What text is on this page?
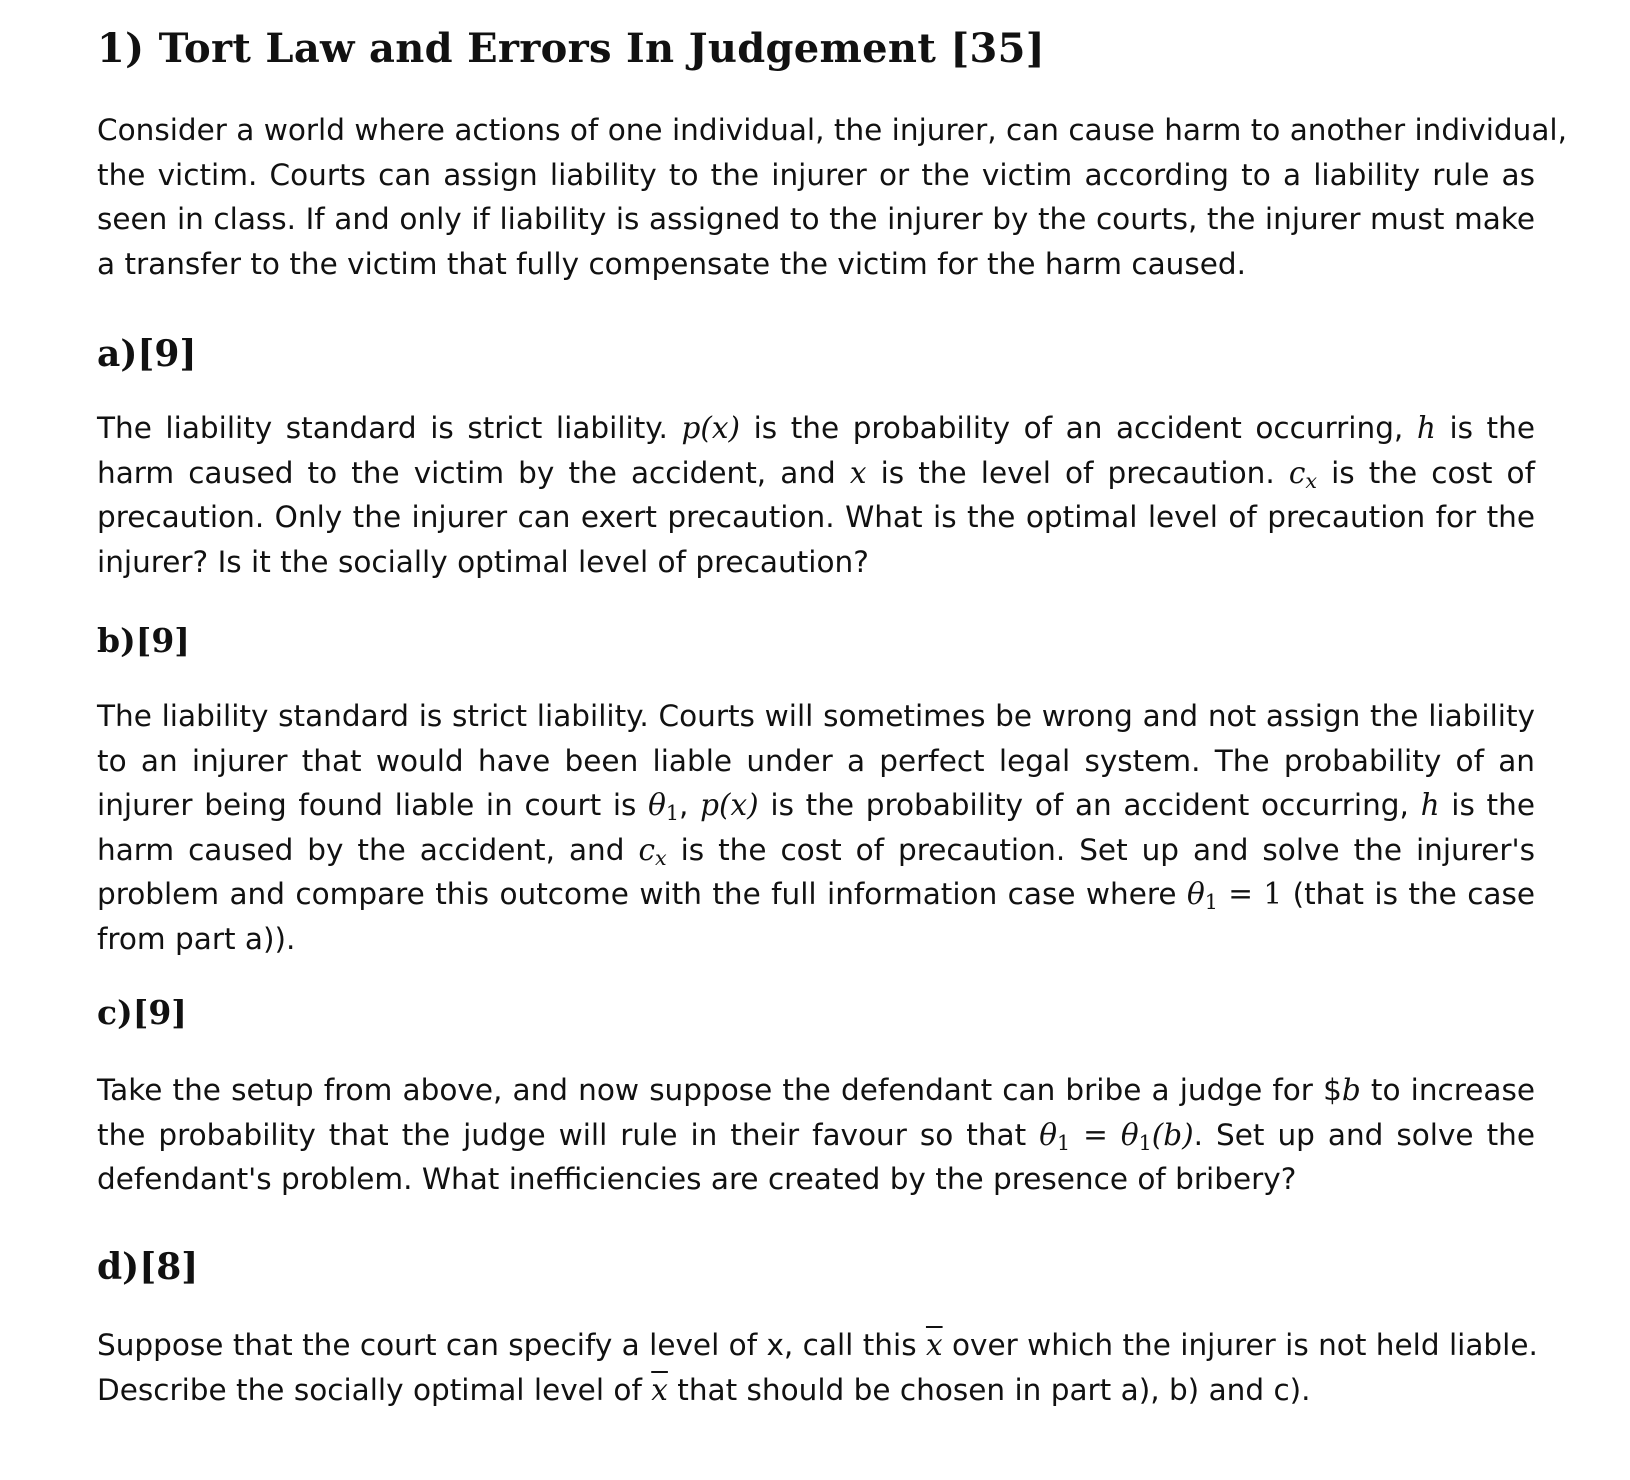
1) Tort Law and Errors In Judgement [35]

Consider a world where actions of one individual, the injurer, can cause harm to another individual,
the victim. Courts can assign liability to the injurer or the victim according to a liability rule as
seen in class. If and only if liability is assigned to the injurer by the courts, the injurer must make
a transfer to the victim that fully compensate the victim for the harm caused.

a)[9]

The liability standard is strict liability. p(x) is the probability of an accident occurring, h is the
harm caused to the victim by the accident, and x is the level of precaution. $c_x$ is the cost of
precaution. Only the injurer can exert precaution. What is the optimal level of precaution for the
injurer? Is it the socially optimal level of precaution?

b)[9]

The liability standard is strict liability. Courts will sometimes be wrong and not assign the liability
to an injurer that would have been liable under a perfect legal system. The probability of an
injurer being found liable in court is $\theta_1$, p(x) is the probability of an accident occurring, h is the
harm caused by the accident, and $c_x$ is the cost of precaution. Set up and solve the injurer's
problem and compare this outcome with the full information case where $\theta_1 = 1$ (that is the case
from part a)).

c)[9]

Take the setup from above, and now suppose the defendant can bribe a judge for $b to increase
the probability that the judge will rule in their favour so that $\theta_1 = \theta_1(b)$. Set up and solve the
defendant's problem. What inefficiencies are created by the presence of bribery?

d)[8]

Suppose that the court can specify a level of x, call this $\overline{x}$ over which the injurer is not held liable.
Describe the socially optimal level of $\overline{x}$ that should be chosen in part a), b) and c).
